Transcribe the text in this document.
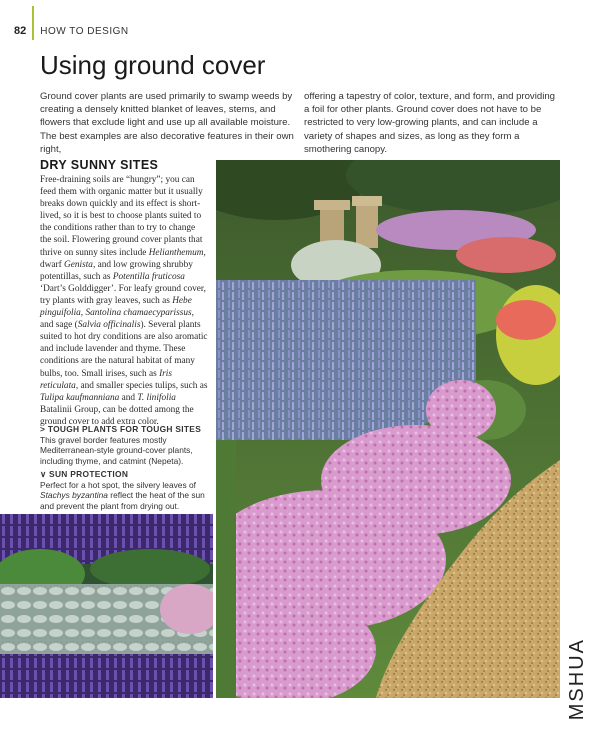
82 HOW TO DESIGN
Using ground cover

Ground cover plants are used primarily to swamp weeds by creating a densely knitted blanket of leaves, stems, and flowers that exclude light and use up all available moisture. The best examples are also decorative features in their own right,

offering a tapestry of color, texture, and form, and providing a foil for other plants. Ground cover does not have to be restricted to very low-growing plants, and can include a variety of shapes and sizes, as long as they form a smothering canopy.

DRY SUNNY SITES

Free-draining soils are “hungry”; you can feed them with organic matter but it usually breaks down quickly and its effect is short-lived, so it is best to choose plants suited to the conditions rather than to try to change the soil. Flowering ground cover plants that thrive on sunny sites include Helianthemum, dwarf Genista, and low growing shrubby potentillas, such as Potentilla fruticosa ‘Dart’s Golddigger’. For leafy ground cover, try plants with gray leaves, such as Hebe pinguifolia, Santolina chamaecyparissus, and sage (Salvia officinalis). Several plants suited to hot dry conditions are also aromatic and include lavender and thyme. These conditions are the natural habitat of many bulbs, too. Small irises, such as Iris reticulata, and smaller species tulips, such as Tulipa kaufmanniana and T. linifolia Batalinii Group, can be dotted among the ground cover to add extra color.

> TOUGH PLANTS FOR TOUGH SITES
This gravel border features mostly Mediterranean-style ground-cover plants, including thyme, and catmint (Nepeta).
∨ SUN PROTECTION
Perfect for a hot spot, the silvery leaves of Stachys byzantina reflect the heat of the sun and prevent the plant from drying out.
MSHUA
